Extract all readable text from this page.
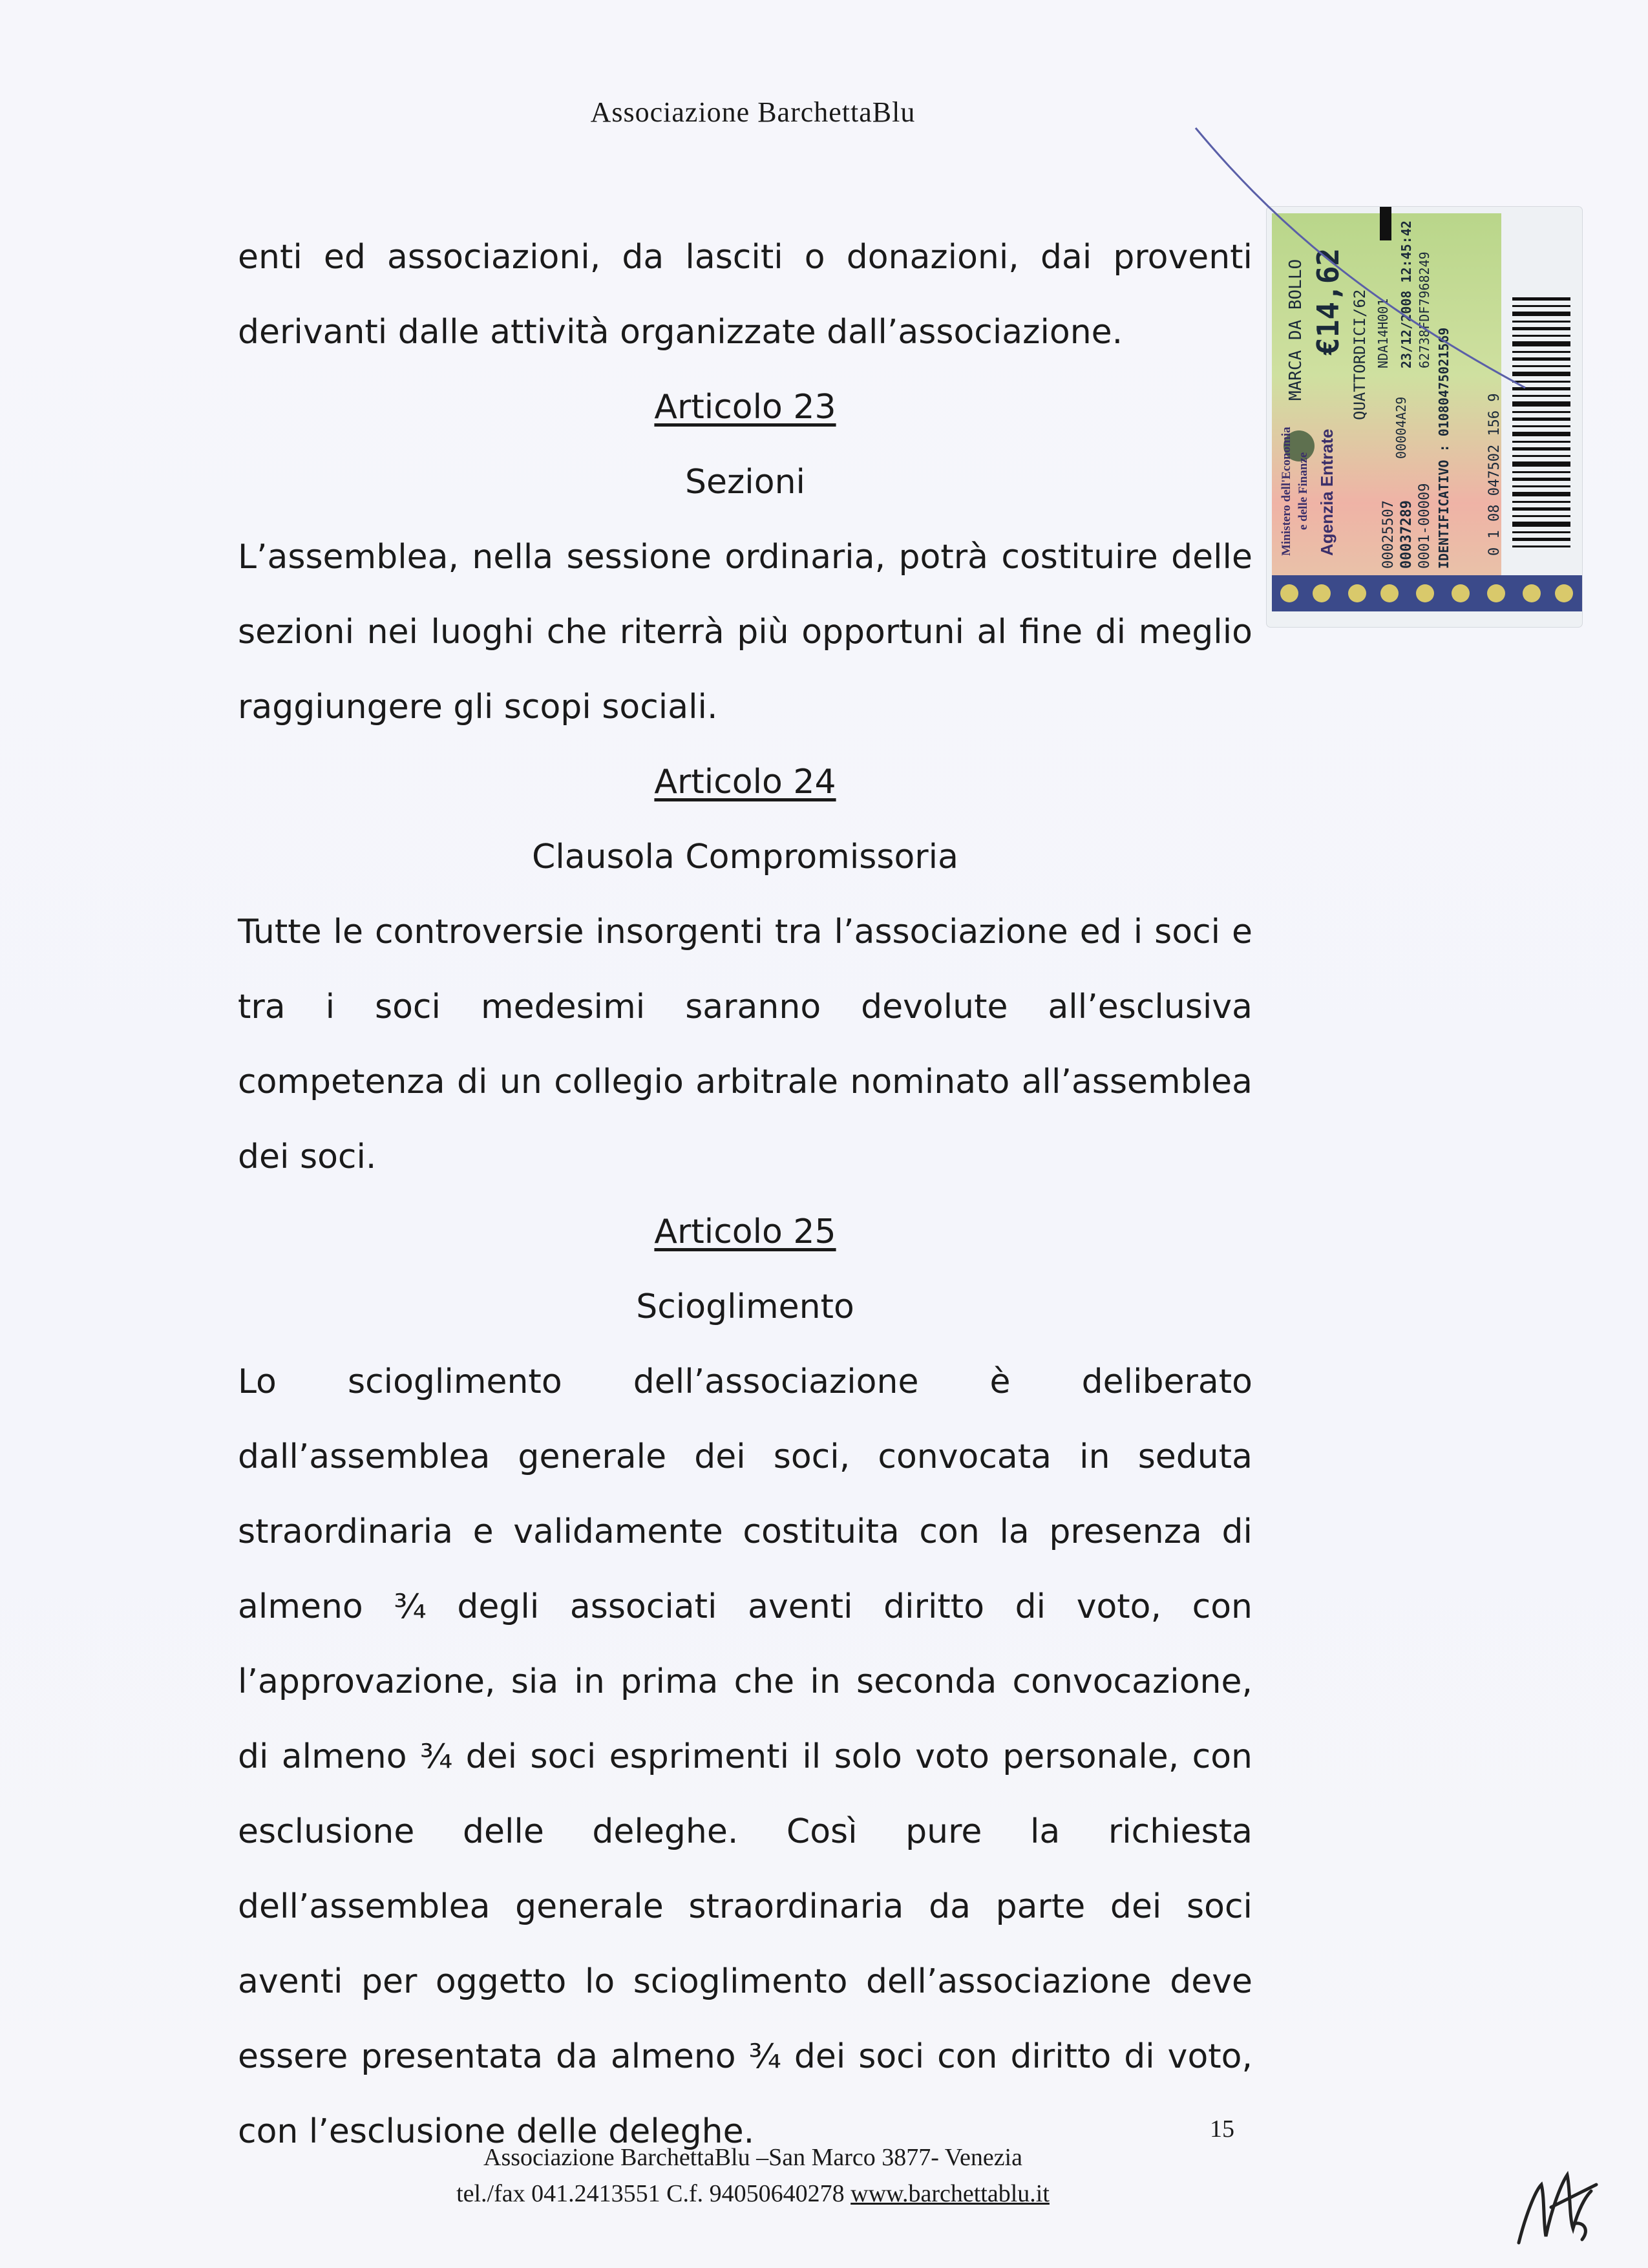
Associazione BarchettaBlu
MARCA DA BOLLO €14,62 QUATTORDICI/62
Ministero dell'Economia e delle Finanze Agenzia Entrate	00025507 00037289 0001-00009 IDENTIFICATIVO : 01080475021569
NDA14H001
00004A29
23/12/2008 12:45:42 62738FDF7968249
0 1 08 047502 156 9

enti ed associazioni, da lasciti o donazioni, dai proventi derivanti dalle attività organizzate dall’associazione.

Articolo 23

Sezioni

L’assemblea, nella sessione ordinaria, potrà costituire delle sezioni nei luoghi che riterrà più opportuni al fine di meglio raggiungere gli scopi sociali.

Articolo 24

Clausola Compromissoria

Tutte le controversie insorgenti tra l’associazione ed i soci e tra i soci medesimi saranno devolute all’esclusiva competenza di un collegio arbitrale nominato all’assemblea dei soci.

Articolo 25

Scioglimento

Lo scioglimento dell’associazione è deliberato dall’assemblea generale dei soci, convocata in seduta straordinaria e validamente costituita con la presenza di almeno ¾ degli associati aventi diritto di voto, con l’approvazione, sia in prima che in seconda convocazione, di almeno ¾ dei soci esprimenti il solo voto personale, con esclusione delle deleghe. Così pure la richiesta dell’assemblea generale straordinaria da parte dei soci aventi per oggetto lo scioglimento dell’associazione deve essere presentata da almeno ¾ dei soci con diritto di voto, con l’esclusione delle deleghe.	15
Associazione BarchettaBlu –San Marco 3877- Venezia
tel./fax 041.2413551 C.f. 94050640278 www.barchettablu.it
